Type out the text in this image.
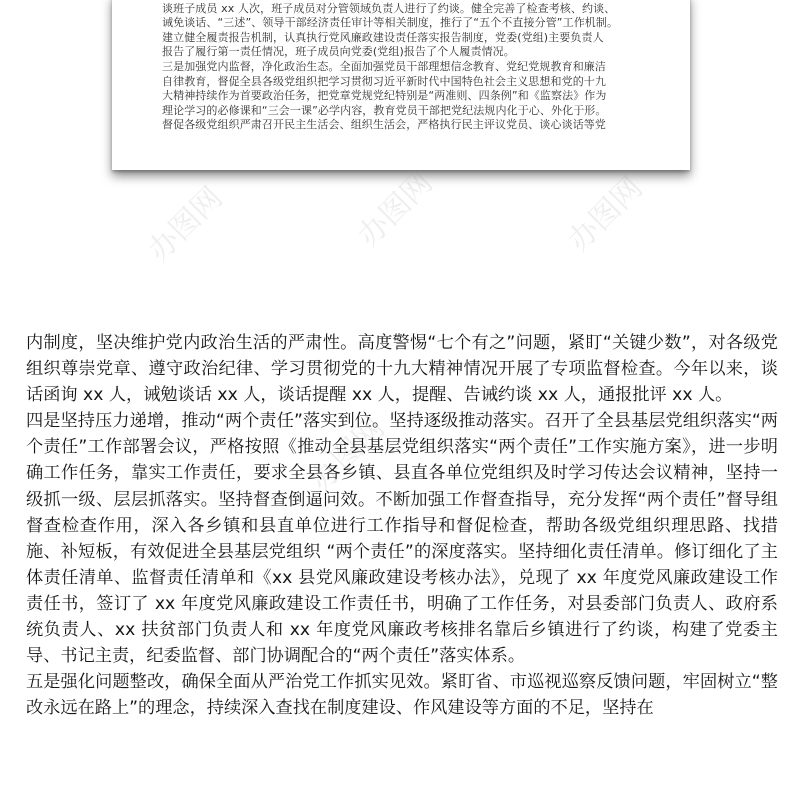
谈班子成员 xx 人次，班子成员对分管领域负责人进行了约谈。健全完善了检查考核、约谈、

诫免谈话、“三述”、领导干部经济责任审计等相关制度，推行了“五个不直接分管”工作机制。

建立健全履责报告机制，认真执行党风廉政建设责任落实报告制度，党委(党组)主要负责人

报告了履行第一责任情况，班子成员向党委(党组)报告了个人履责情况。

三是加强党内监督，净化政治生态。全面加强党员干部理想信念教育、党纪党规教育和廉洁

自律教育，督促全县各级党组织把学习贯彻习近平新时代中国特色社会主义思想和党的十九

大精神持续作为首要政治任务，把党章党规党纪特别是“两准则、四条例”和《监察法》作为

理论学习的必修课和“三会一课”必学内容，教育党员干部把党纪法规内化于心、外化于形。

督促各级党组织严肃召开民主生活会、组织生活会，严格执行民主评议党员、谈心谈话等党

办图网	办图网	办图网
办图网

内制度，坚决维护党内政治生活的严肃性。高度警惕“七个有之”问题，紧盯“关键少数”，对各级党组织尊崇党章、遵守政治纪律、学习贯彻党的十九大精神情况开展了专项监督检查。今年以来，谈话函询 xx 人，诫勉谈话 xx 人，谈话提醒 xx 人，提醒、告诫约谈 xx 人，通报批评 xx 人。

四是坚持压力递增，推动“两个责任”落实到位。坚持逐级推动落实。召开了全县基层党组织落实“两个责任”工作部署会议，严格按照《推动全县基层党组织落实“两个责任”工作实施方案》，进一步明确工作任务，靠实工作责任，要求全县各乡镇、县直各单位党组织及时学习传达会议精神，坚持一级抓一级、层层抓落实。坚持督查倒逼问效。不断加强工作督查指导，充分发挥“两个责任”督导组督查检查作用，深入各乡镇和县直单位进行工作指导和督促检查，帮助各级党组织理思路、找措施、补短板，有效促进全县基层党组织 “两个责任”的深度落实。坚持细化责任清单。修订细化了主体责任清单、监督责任清单和《xx 县党风廉政建设考核办法》，兑现了 xx 年度党风廉政建设工作责任书，签订了 xx 年度党风廉政建设工作责任书，明确了工作任务，对县委部门负责人、政府系统负责人、xx 扶贫部门负责人和 xx 年度党风廉政考核排名靠后乡镇进行了约谈，构建了党委主导、书记主责，纪委监督、部门协调配合的“两个责任”落实体系。

五是强化问题整改，确保全面从严治党工作抓实见效。紧盯省、市巡视巡察反馈问题，牢固树立“整改永远在路上”的理念，持续深入查找在制度建设、作风建设等方面的不足，坚持在
